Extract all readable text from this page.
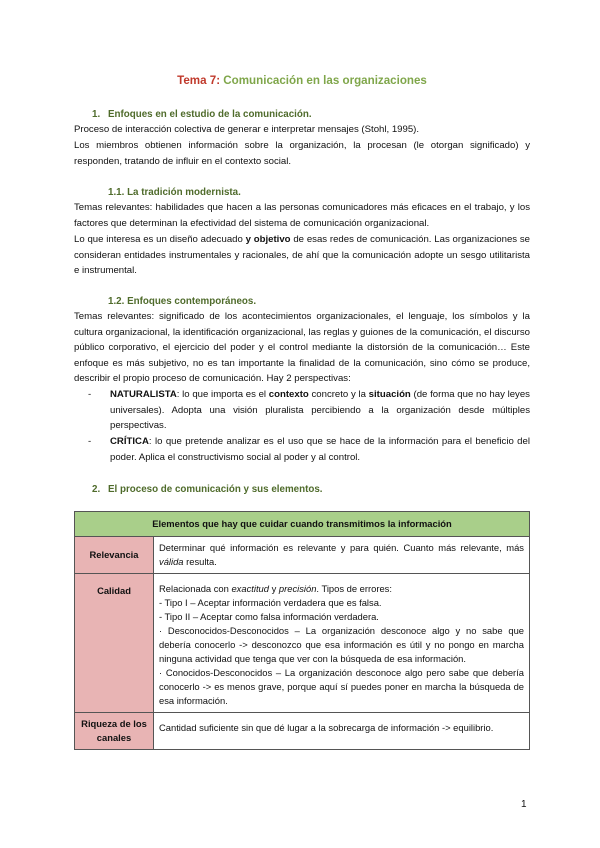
Tema 7: Comunicación en las organizaciones
1. Enfoques en el estudio de la comunicación.
Proceso de interacción colectiva de generar e interpretar mensajes (Stohl, 1995).
Los miembros obtienen información sobre la organización, la procesan (le otorgan significado) y responden, tratando de influir en el contexto social.
1.1. La tradición modernista.
Temas relevantes: habilidades que hacen a las personas comunicadores más eficaces en el trabajo, y los factores que determinan la efectividad del sistema de comunicación organizacional.
Lo que interesa es un diseño adecuado y objetivo de esas redes de comunicación. Las organizaciones se consideran entidades instrumentales y racionales, de ahí que la comunicación adopte un sesgo utilitarista e instrumental.
1.2. Enfoques contemporáneos.
Temas relevantes: significado de los acontecimientos organizacionales, el lenguaje, los símbolos y la cultura organizacional, la identificación organizacional, las reglas y guiones de la comunicación, el discurso público corporativo, el ejercicio del poder y el control mediante la distorsión de la comunicación… Este enfoque es más subjetivo, no es tan importante la finalidad de la comunicación, sino cómo se produce, describir el propio proceso de comunicación. Hay 2 perspectivas:
- NATURALISTA: lo que importa es el contexto concreto y la situación (de forma que no hay leyes universales). Adopta una visión pluralista percibiendo a la organización desde múltiples perspectivas.
- CRÍTICA: lo que pretende analizar es el uso que se hace de la información para el beneficio del poder. Aplica el constructivismo social al poder y al control.
2. El proceso de comunicación y sus elementos.
Elementos que hay que cuidar cuando transmitimos la información	
Relevancia	Determinar qué información es relevante y para quién. Cuanto más relevante, más válida resulta.

Calidad	Relacionada con exactitud y precisión. Tipos de errores:
- Tipo I – Aceptar información verdadera que es falsa.
- Tipo II – Aceptar como falsa información verdadera.
· Desconocidos-Desconocidos – La organización desconoce algo y no sabe que debería conocerlo -> desconozco que esa información es útil y no pongo en marcha ninguna actividad que tenga que ver con la búsqueda de esa información.
· Conocidos-Desconocidos – La organización desconoce algo pero sabe que debería conocerlo -> es menos grave, porque aquí sí puedes poner en marcha la búsqueda de esa información.

Riqueza de los canales	Cantidad suficiente sin que dé lugar a la sobrecarga de información -> equilibrio.
1
